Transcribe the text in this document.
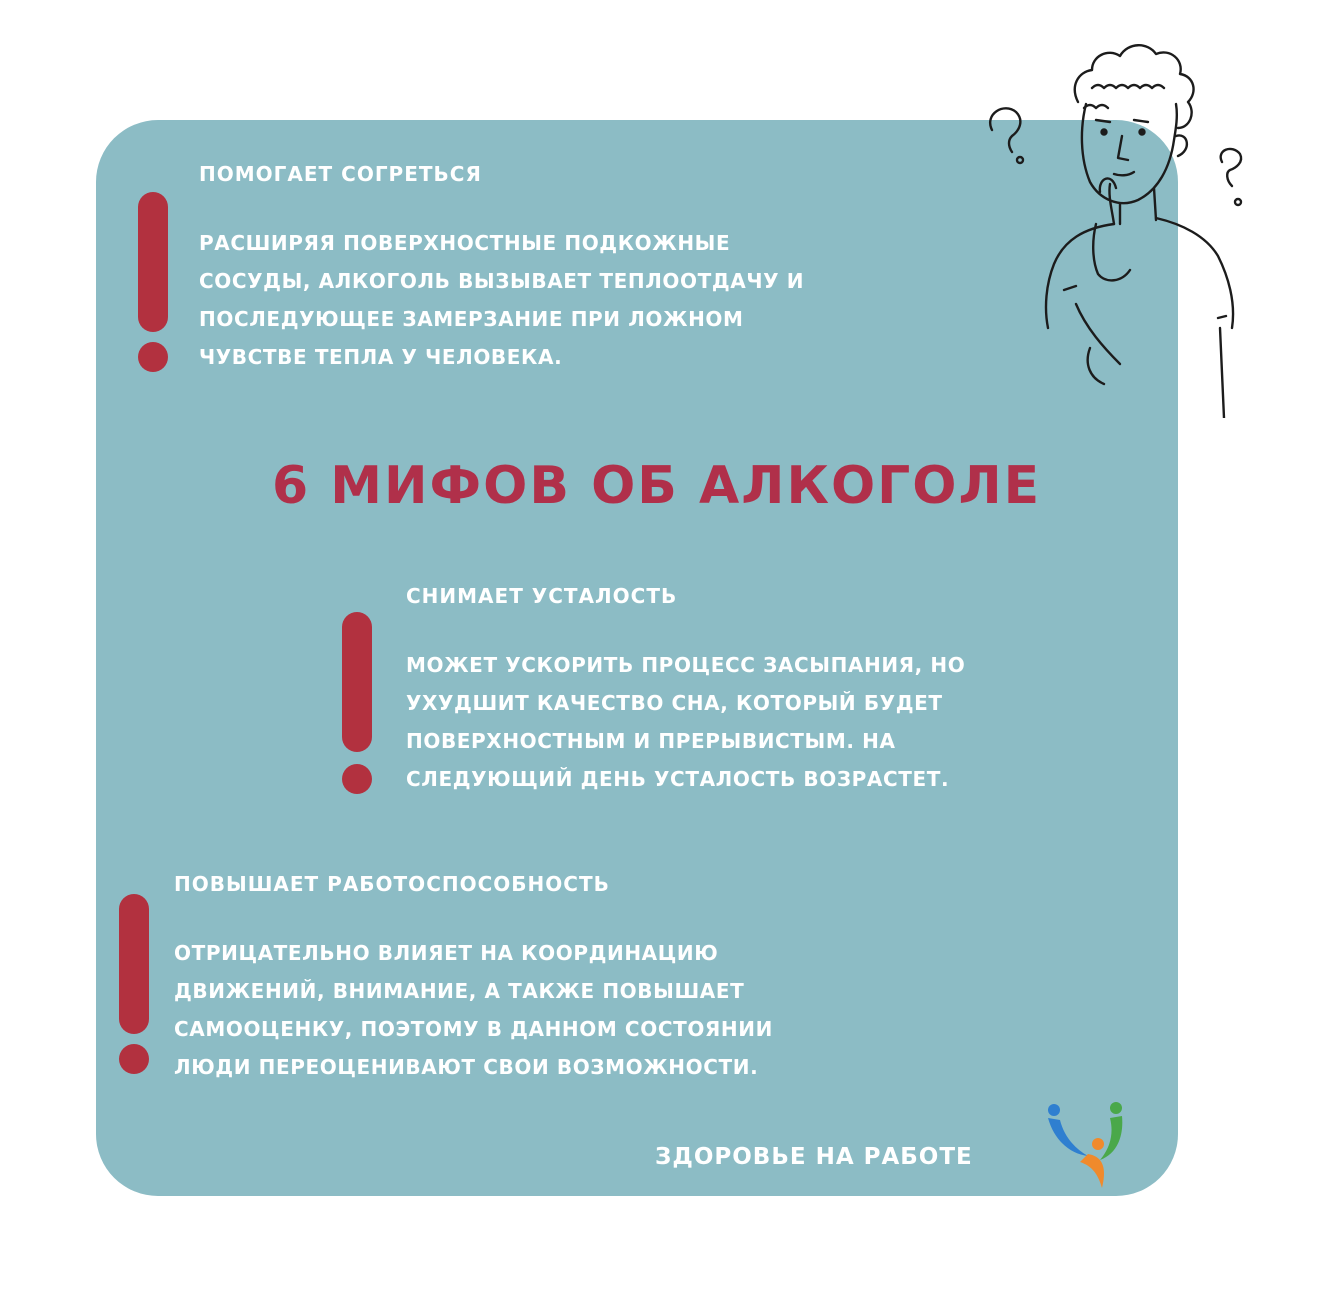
ПОМОГАЕТ СОГРЕТЬСЯ
РАСШИРЯЯ ПОВЕРХНОСТНЫЕ ПОДКОЖНЫЕ
СОСУДЫ, АЛКОГОЛЬ ВЫЗЫВАЕТ ТЕПЛООТДАЧУ И
ПОСЛЕДУЮЩЕЕ ЗАМЕРЗАНИЕ ПРИ ЛОЖНОМ
ЧУВСТВЕ ТЕПЛА У ЧЕЛОВЕКА.
6 МИФОВ ОБ АЛКОГОЛЕ
СНИМАЕТ УСТАЛОСТЬ
МОЖЕТ УСКОРИТЬ ПРОЦЕСС ЗАСЫПАНИЯ, НО
УХУДШИТ КАЧЕСТВО СНА, КОТОРЫЙ БУДЕТ
ПОВЕРХНОСТНЫМ И ПРЕРЫВИСТЫМ. НА
СЛЕДУЮЩИЙ ДЕНЬ УСТАЛОСТЬ ВОЗРАСТЕТ.
ПОВЫШАЕТ РАБОТОСПОСОБНОСТЬ
ОТРИЦАТЕЛЬНО ВЛИЯЕТ НА КООРДИНАЦИЮ
ДВИЖЕНИЙ, ВНИМАНИЕ, А ТАКЖЕ ПОВЫШАЕТ
САМООЦЕНКУ, ПОЭТОМУ В ДАННОМ СОСТОЯНИИ
ЛЮДИ ПЕРЕОЦЕНИВАЮТ СВОИ ВОЗМОЖНОСТИ.
ЗДОРОВЬЕ НА РАБОТЕ
